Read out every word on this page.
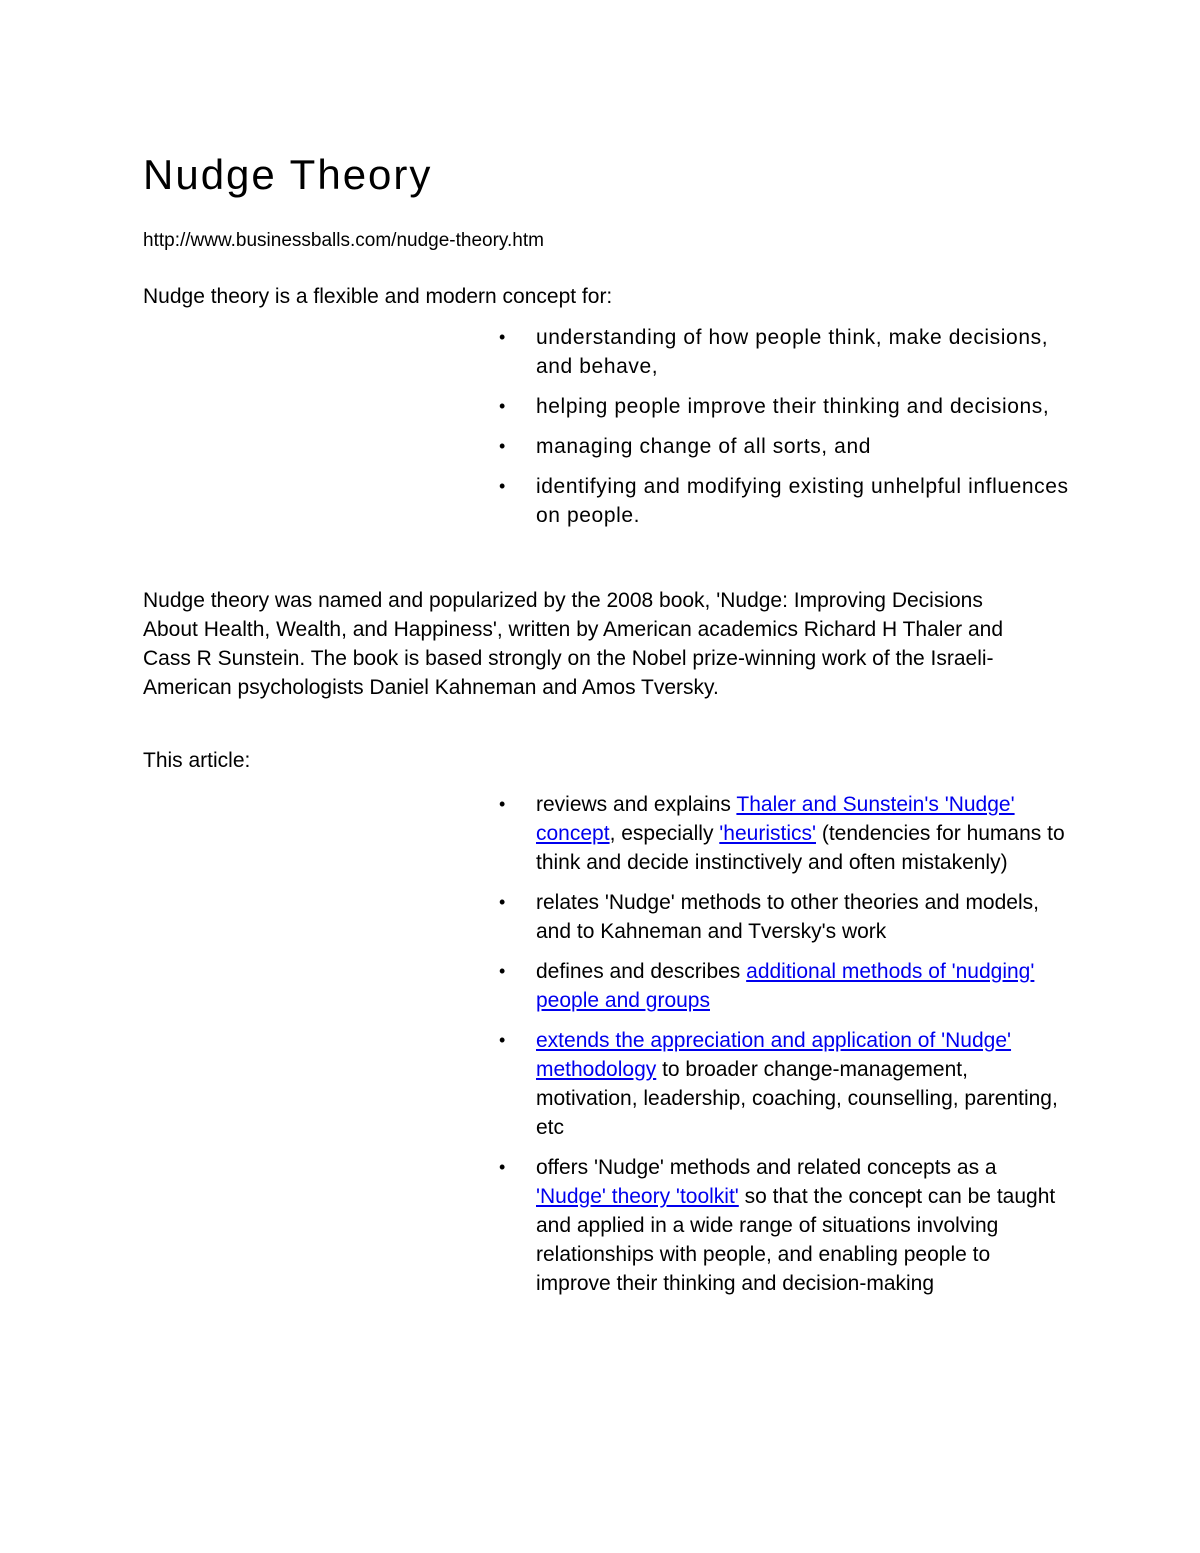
Nudge Theory

http://www.businessballs.com/nudge-theory.htm

Nudge theory is a flexible and modern concept for:

• understanding of how people think, make decisions, and behave,
• helping people improve their thinking and decisions,
• managing change of all sorts, and
• identifying and modifying existing unhelpful influences on people.

Nudge theory was named and popularized by the 2008 book, 'Nudge: Improving Decisions About Health, Wealth, and Happiness', written by American academics Richard H Thaler and Cass R Sunstein. The book is based strongly on the Nobel prize-winning work of the Israeli-American psychologists Daniel Kahneman and Amos Tversky.

This article:

• reviews and explains Thaler and Sunstein's 'Nudge' concept, especially 'heuristics' (tendencies for humans to think and decide instinctively and often mistakenly)
• relates 'Nudge' methods to other theories and models, and to Kahneman and Tversky's work
• defines and describes additional methods of 'nudging' people and groups
• extends the appreciation and application of 'Nudge' methodology to broader change-management, motivation, leadership, coaching, counselling, parenting, etc
• offers 'Nudge' methods and related concepts as a 'Nudge' theory 'toolkit' so that the concept can be taught and applied in a wide range of situations involving relationships with people, and enabling people to improve their thinking and decision-making
